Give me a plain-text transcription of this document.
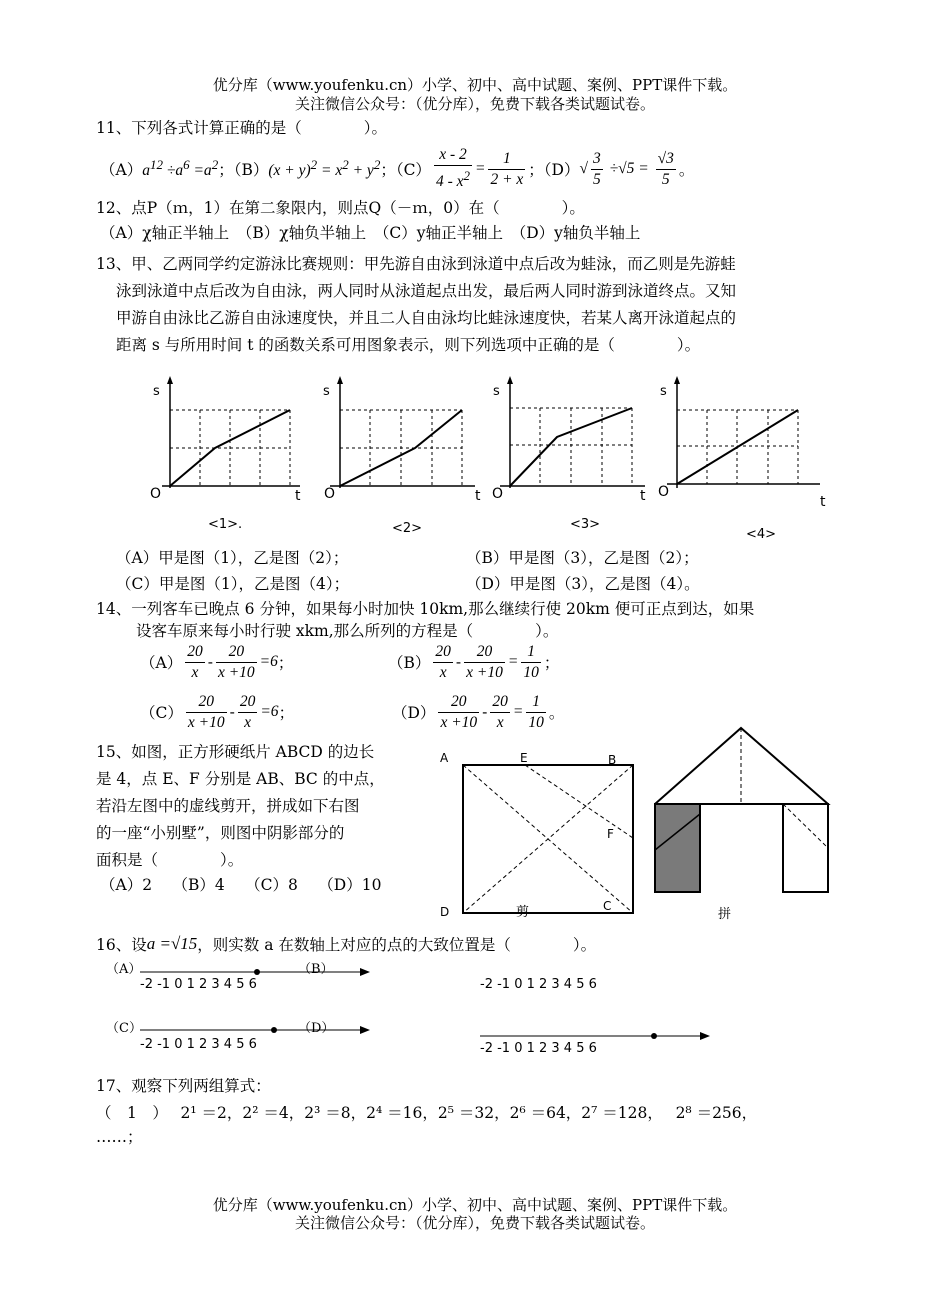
优分库（www.youfenku.cn）小学、初中、高中试题、案例、PPT课件下载。
关注微信公众号：（优分库），免费下载各类试题试卷。
11、下列各式计算正确的是（　　　　）。
（A） $a^{12} \div a^6 =a^2$ ；（B） $(x + y)^2 = x^2 + y^2$ ；$(C) \frac{x - 2}{4 - x^2} = \frac{1}{2 + x}$ ；（D） √ $\frac{3}{5} \div√5 = \frac{√3}{5}$ 。
12、点P（ｍ，1）在第二象限内，则点Q（－ｍ，0）在（　　　　）。
（A）χ轴正半轴上　（B）χ轴负半轴上　（C）y轴正半轴上　（D）y轴负半轴上
13、甲、乙两同学约定游泳比赛规则：甲先游自由泳到泳道中点后改为蛙泳，而乙则是先游蛙
泳到泳道中点后改为自由泳，两人同时从泳道起点出发，最后两人同时游到泳道终点。又知
甲游自由泳比乙游自由泳速度快，并且二人自由泳均比蛙泳速度快，若某人离开泳道起点的
距离 s 与所用时间 t 的函数关系可用图象表示，则下列选项中正确的是（　　　　）。
s
O	t
<1>.
s
O	t
<2>
s
O	t
<3>
s
O
t
<4>
（A）甲是图（1），乙是图（2）；	（B）甲是图（3），乙是图（2）；
（C）甲是图（1），乙是图（4）；	（D）甲是图（3），乙是图（4）。
14、一列客车已晚点 6 分钟，如果每小时加快 10km,那么继续行使 20km 便可正点到达，如果
设客车原来每小时行驶 xkm,那么所列的方程是（　　　　）。
$(A) \frac{20}{x} - \frac{20}{x +10} =6$ ；	$(B) \frac{20}{x} - \frac{20}{x +10} = \frac{1}{10}$ ；
$(C) \frac{20}{x +10} - \frac{20}{x} =6$ ；	$(D) \frac{20}{x +10} - \frac{20}{x} = \frac{1}{10}$ 。
15、如图，正方形硬纸片 ABCD 的边长
是 4，点 E、F 分别是 AB、BC 的中点，
若沿左图中的虚线剪开，拼成如下右图
的一座“小别墅”，则图中阴影部分的
面积是（　　　　）。
（A）2　 （B）4　 （C）8　 （D）10
A	E	B
F
D	C
剪	拼
16、设 a =√15 ，则实数 a 在数轴上对应的点的大致位置是（　　　　）。
（A）	（B）
（C）	（D）
-2 -1 0 1 2 3 4 5 6	-2 -1 0 1 2 3 4 5 6
-2 -1 0 1 2 3 4 5 6	-2 -1 0 1 2 3 4 5 6
17、观察下列两组算式：
（　1　）　 2¹ ＝2，2² ＝4，2³ ＝8，2⁴ ＝16，2⁵ ＝32，2⁶ ＝64，2⁷ ＝128，　 2⁸ ＝256，
……；
优分库（www.youfenku.cn）小学、初中、高中试题、案例、PPT课件下载。
关注微信公众号：（优分库），免费下载各类试题试卷。
